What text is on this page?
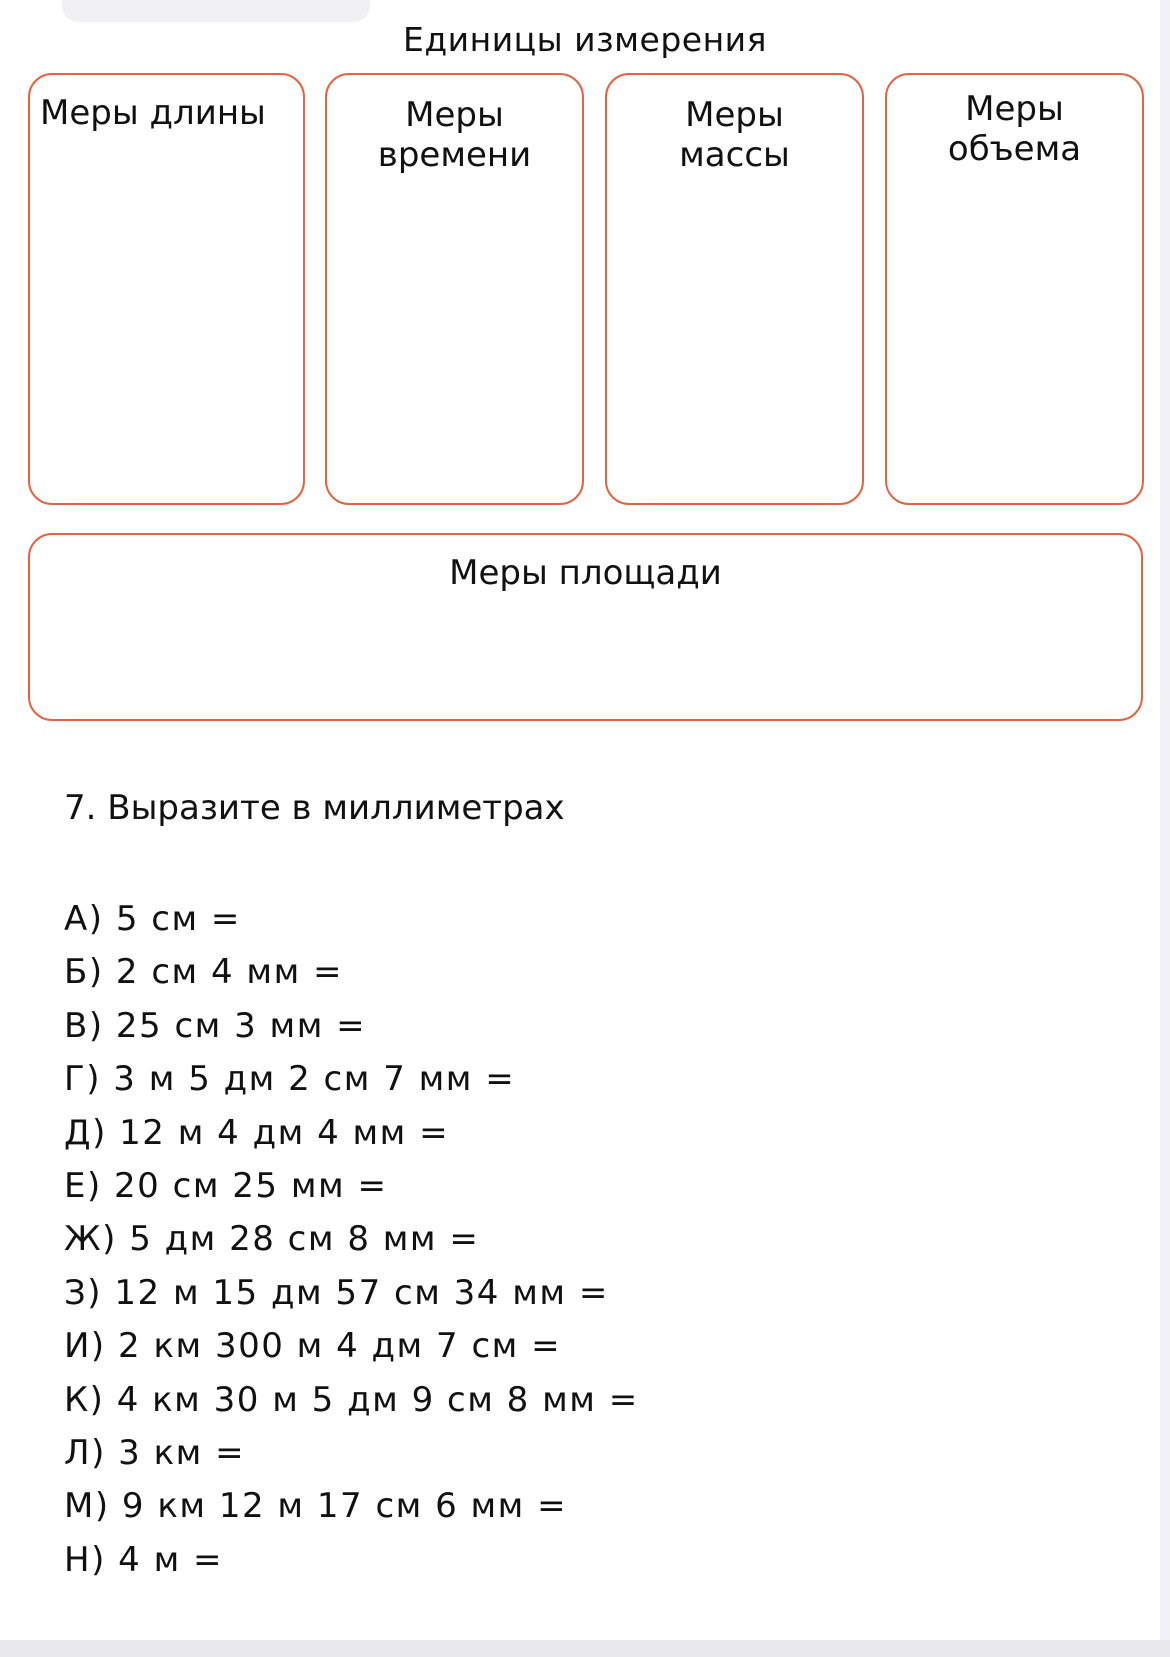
Единицы измерения
Меры длины	Меры
времени
Меры
массы
Меры
объема
Меры площади
7. Выразите в миллиметрах
А) 5 см =
Б) 2 см 4 мм =
В) 25 см 3 мм =
Г) 3 м 5 дм 2 см 7 мм =
Д) 12 м 4 дм 4 мм =
Е) 20 см 25 мм =
Ж) 5 дм 28 см 8 мм =
З) 12 м 15 дм 57 см 34 мм =
И) 2 км 300 м 4 дм 7 см =
К) 4 км 30 м 5 дм 9 см 8 мм =
Л) 3 км =
М) 9 км 12 м 17 см 6 мм =
Н) 4 м =
